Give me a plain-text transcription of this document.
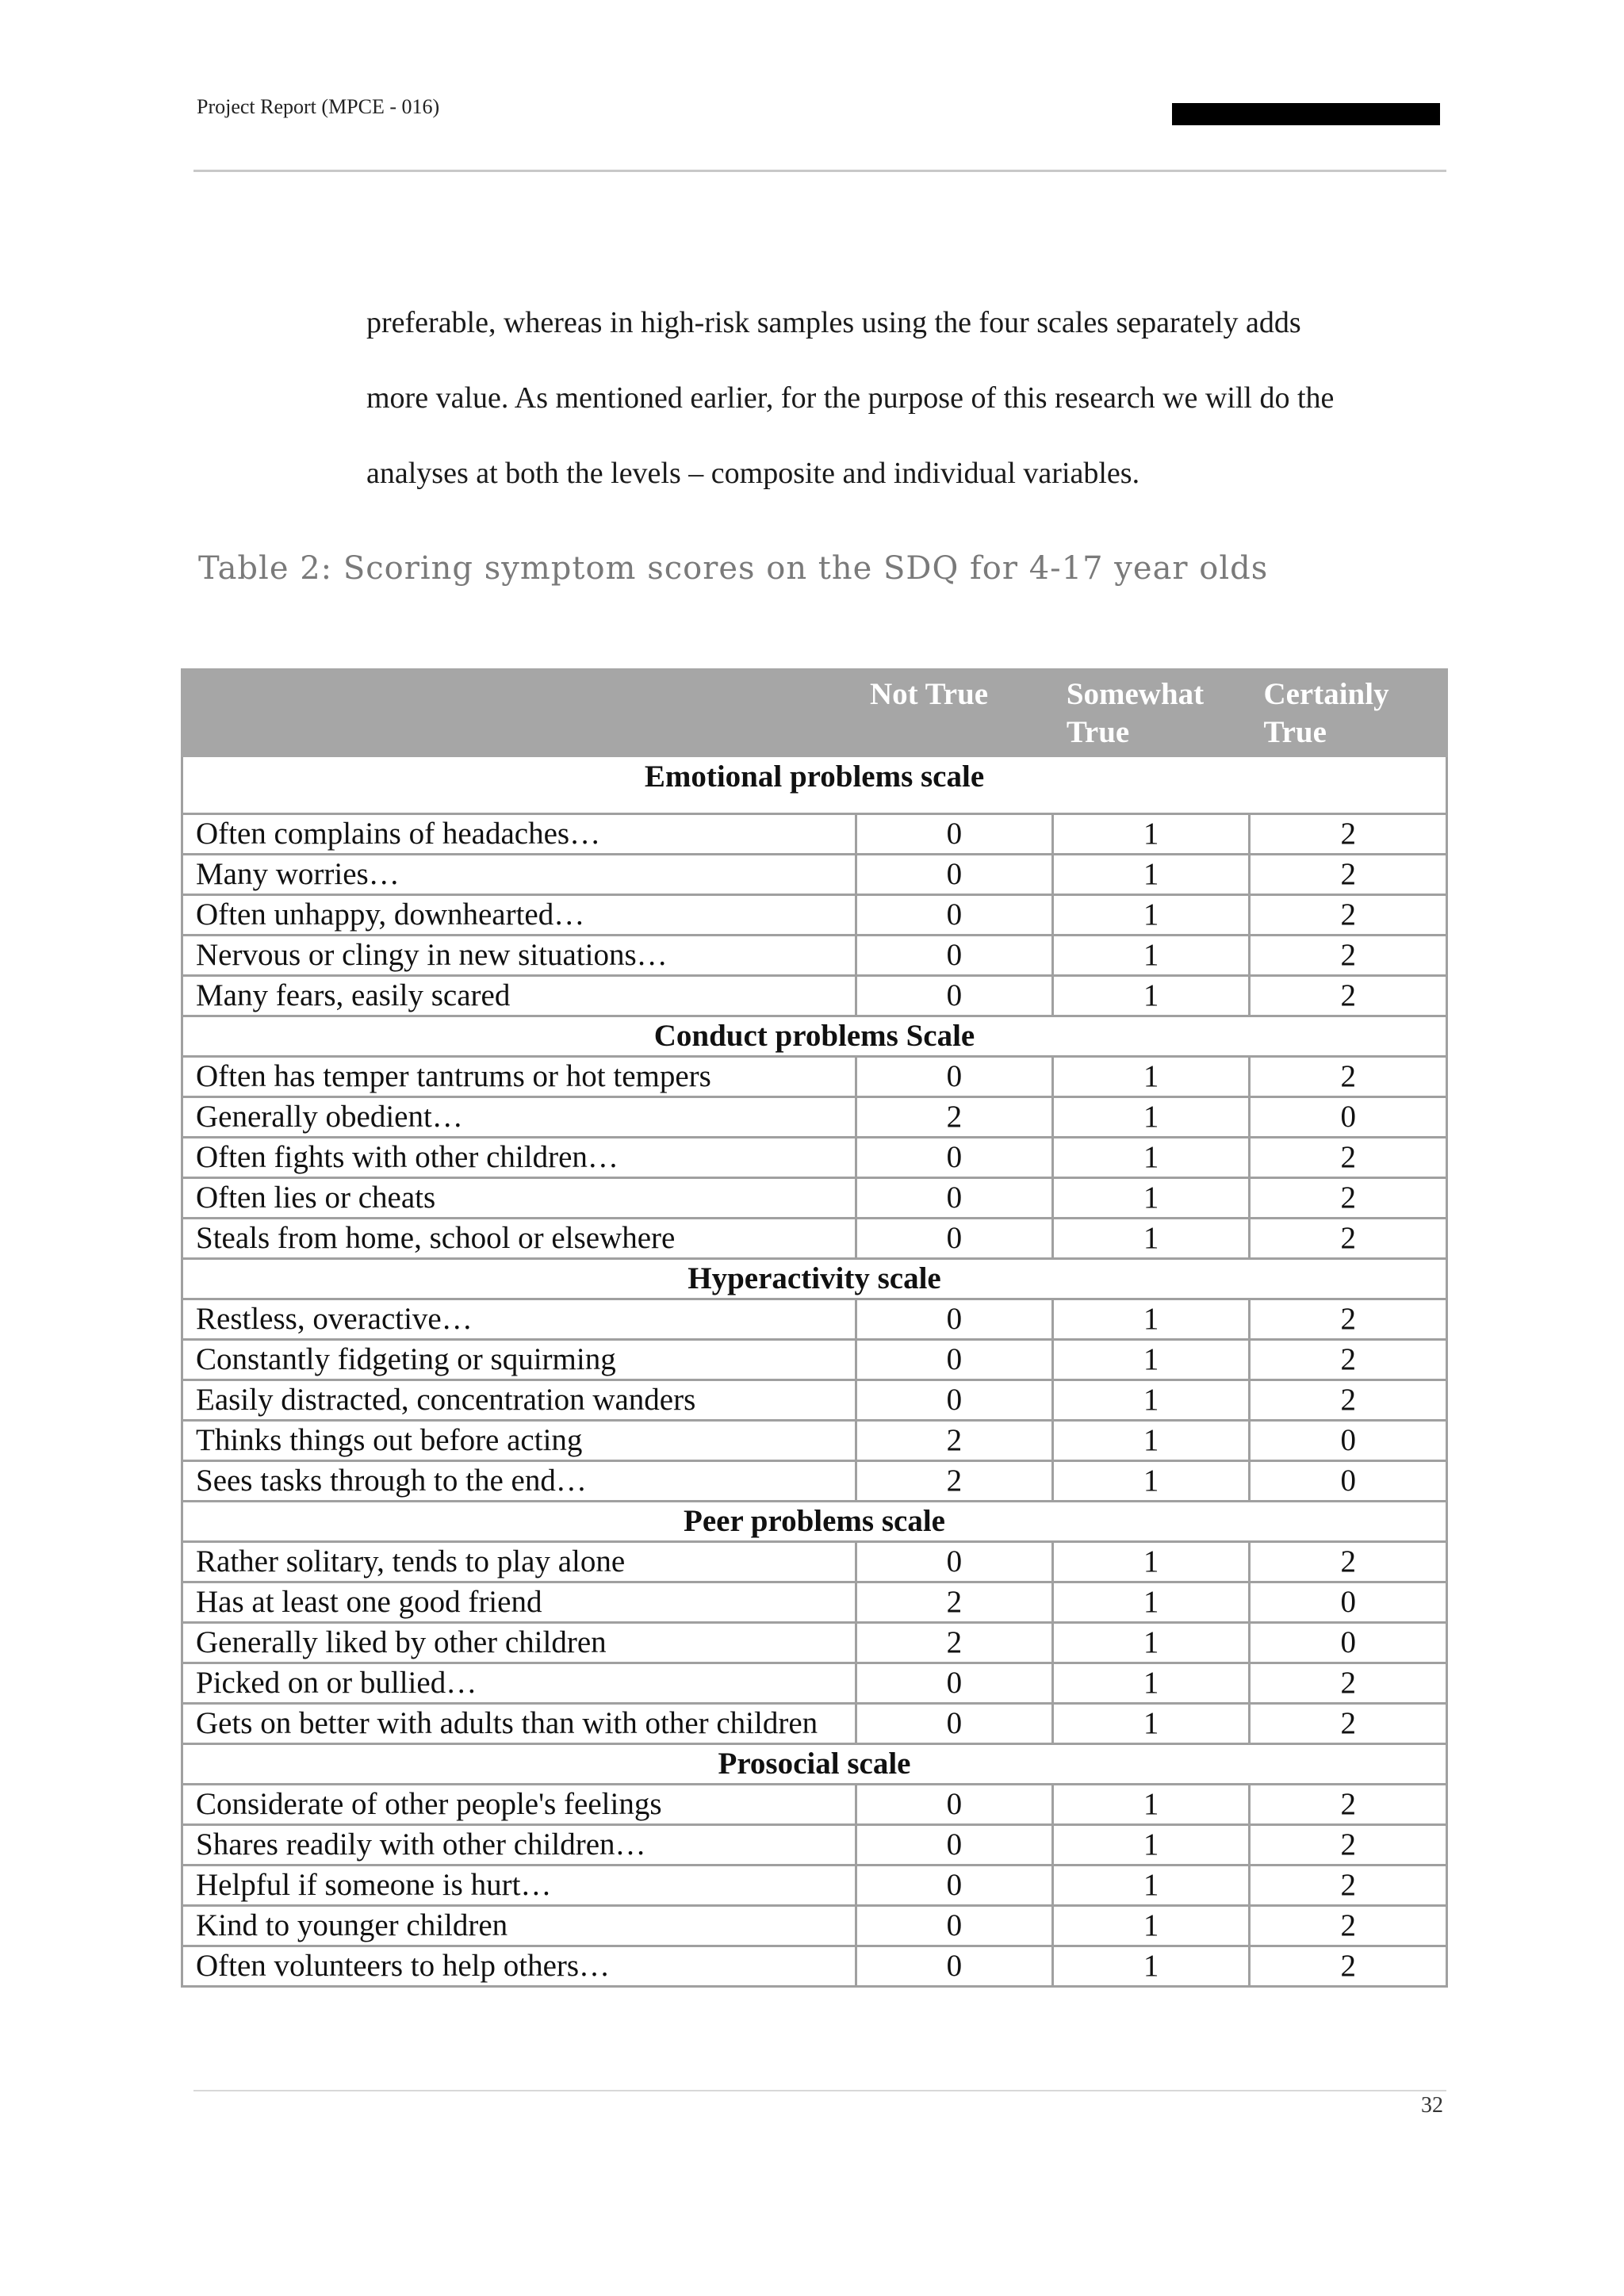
Project Report (MPCE - 016)

preferable, whereas in high-risk samples using the four scales separately adds

more value. As mentioned earlier, for the purpose of this research we will do the

analyses at both the levels – composite and individual variables.

Table 2: Scoring symptom scores on the SDQ for 4-17 year olds
	Not True	Somewhat True	Certainly True
Emotional problems scale			
Often complains of headaches…	0	1	2
Many worries…	0	1	2
Often unhappy, downhearted…	0	1	2
Nervous or clingy in new situations…	0	1	2
Many fears, easily scared	0	1	2
Conduct problems Scale			
Often has temper tantrums or hot tempers	0	1	2
Generally obedient…	2	1	0
Often fights with other children…	0	1	2
Often lies or cheats	0	1	2
Steals from home, school or elsewhere	0	1	2
Hyperactivity scale			
Restless, overactive…	0	1	2
Constantly fidgeting or squirming	0	1	2
Easily distracted, concentration wanders	0	1	2
Thinks things out before acting	2	1	0
Sees tasks through to the end…	2	1	0
Peer problems scale			
Rather solitary, tends to play alone	0	1	2
Has at least one good friend	2	1	0
Generally liked by other children	2	1	0
Picked on or bullied…	0	1	2
Gets on better with adults than with other children	0	1	2
Prosocial scale			
Considerate of other people's feelings	0	1	2
Shares readily with other children…	0	1	2
Helpful if someone is hurt…	0	1	2
Kind to younger children	0	1	2
Often volunteers to help others…	0	1	2
32
